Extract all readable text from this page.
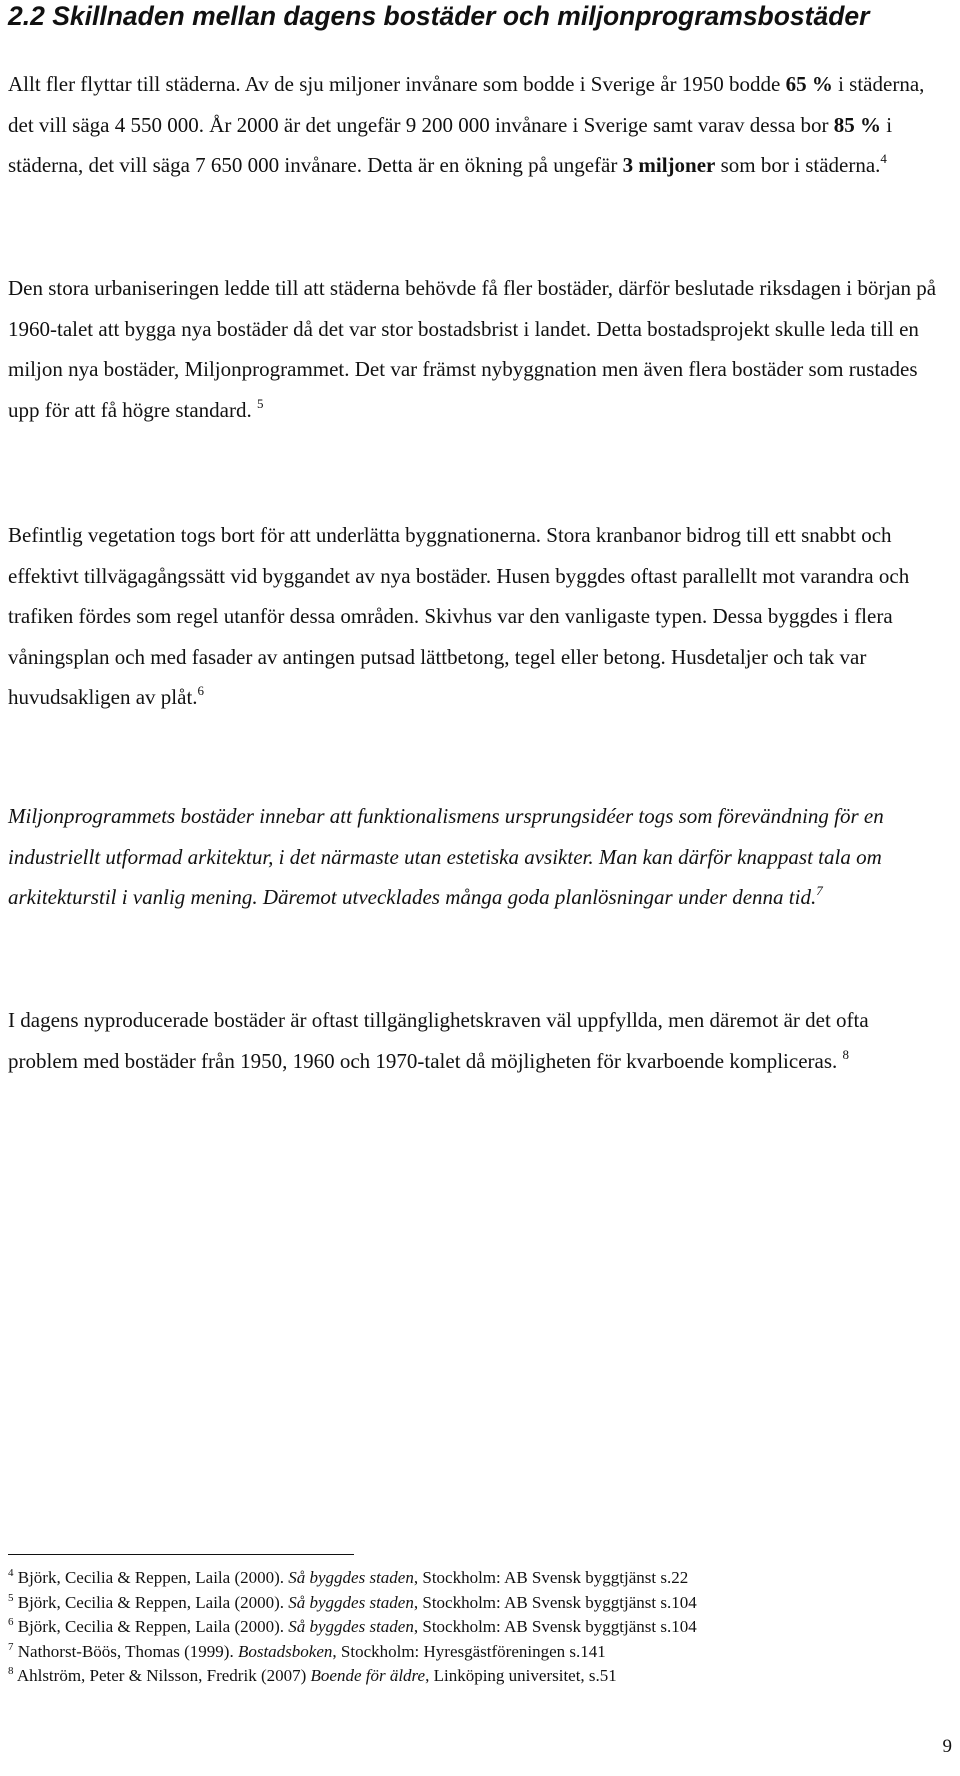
2.2 Skillnaden mellan dagens bostäder och miljonprogramsbostäder

Allt fler flyttar till städerna. Av de sju miljoner invånare som bodde i Sverige år 1950 bodde 65 % i städerna, det vill säga 4 550 000. År 2000 är det ungefär 9 200 000 invånare i Sverige samt varav dessa bor 85 % i städerna, det vill säga 7 650 000 invånare. Detta är en ökning på ungefär 3 miljoner som bor i städerna.$^4$

Den stora urbaniseringen ledde till att städerna behövde få fler bostäder, därför beslutade riksdagen i början på 1960-talet att bygga nya bostäder då det var stor bostadsbrist i landet. Detta bostadsprojekt skulle leda till en miljon nya bostäder, Miljonprogrammet. Det var främst nybyggnation men även flera bostäder som rustades upp för att få högre standard. $^5$

Befintlig vegetation togs bort för att underlätta byggnationerna. Stora kranbanor bidrog till ett snabbt och effektivt tillvägagångssätt vid byggandet av nya bostäder. Husen byggdes oftast parallellt mot varandra och trafiken fördes som regel utanför dessa områden. Skivhus var den vanligaste typen. Dessa byggdes i flera våningsplan och med fasader av antingen putsad lättbetong, tegel eller betong. Husdetaljer och tak var huvudsakligen av plåt.$^6$

Miljonprogrammets bostäder innebar att funktionalismens ursprungsidéer togs som förevändning för en industriellt utformad arkitektur, i det närmaste utan estetiska avsikter. Man kan därför knappast tala om arkitekturstil i vanlig mening. Däremot utvecklades många goda planlösningar under denna tid.$^7$

I dagens nyproducerade bostäder är oftast tillgänglighetskraven väl uppfyllda, men däremot är det ofta problem med bostäder från 1950, 1960 och 1970-talet då möjligheten för kvarboende kompliceras. $^8$

$^4$ Björk, Cecilia & Reppen, Laila (2000). Så byggdes staden, Stockholm: AB Svensk byggtjänst s.22
$^5$ Björk, Cecilia & Reppen, Laila (2000). Så byggdes staden, Stockholm: AB Svensk byggtjänst s.104
$^6$ Björk, Cecilia & Reppen, Laila (2000). Så byggdes staden, Stockholm: AB Svensk byggtjänst s.104
$^7$ Nathorst-Böös, Thomas (1999). Bostadsboken, Stockholm: Hyresgästföreningen s.141
$^8$ Ahlström, Peter & Nilsson, Fredrik (2007) Boende för äldre, Linköping universitet, s.51
9
